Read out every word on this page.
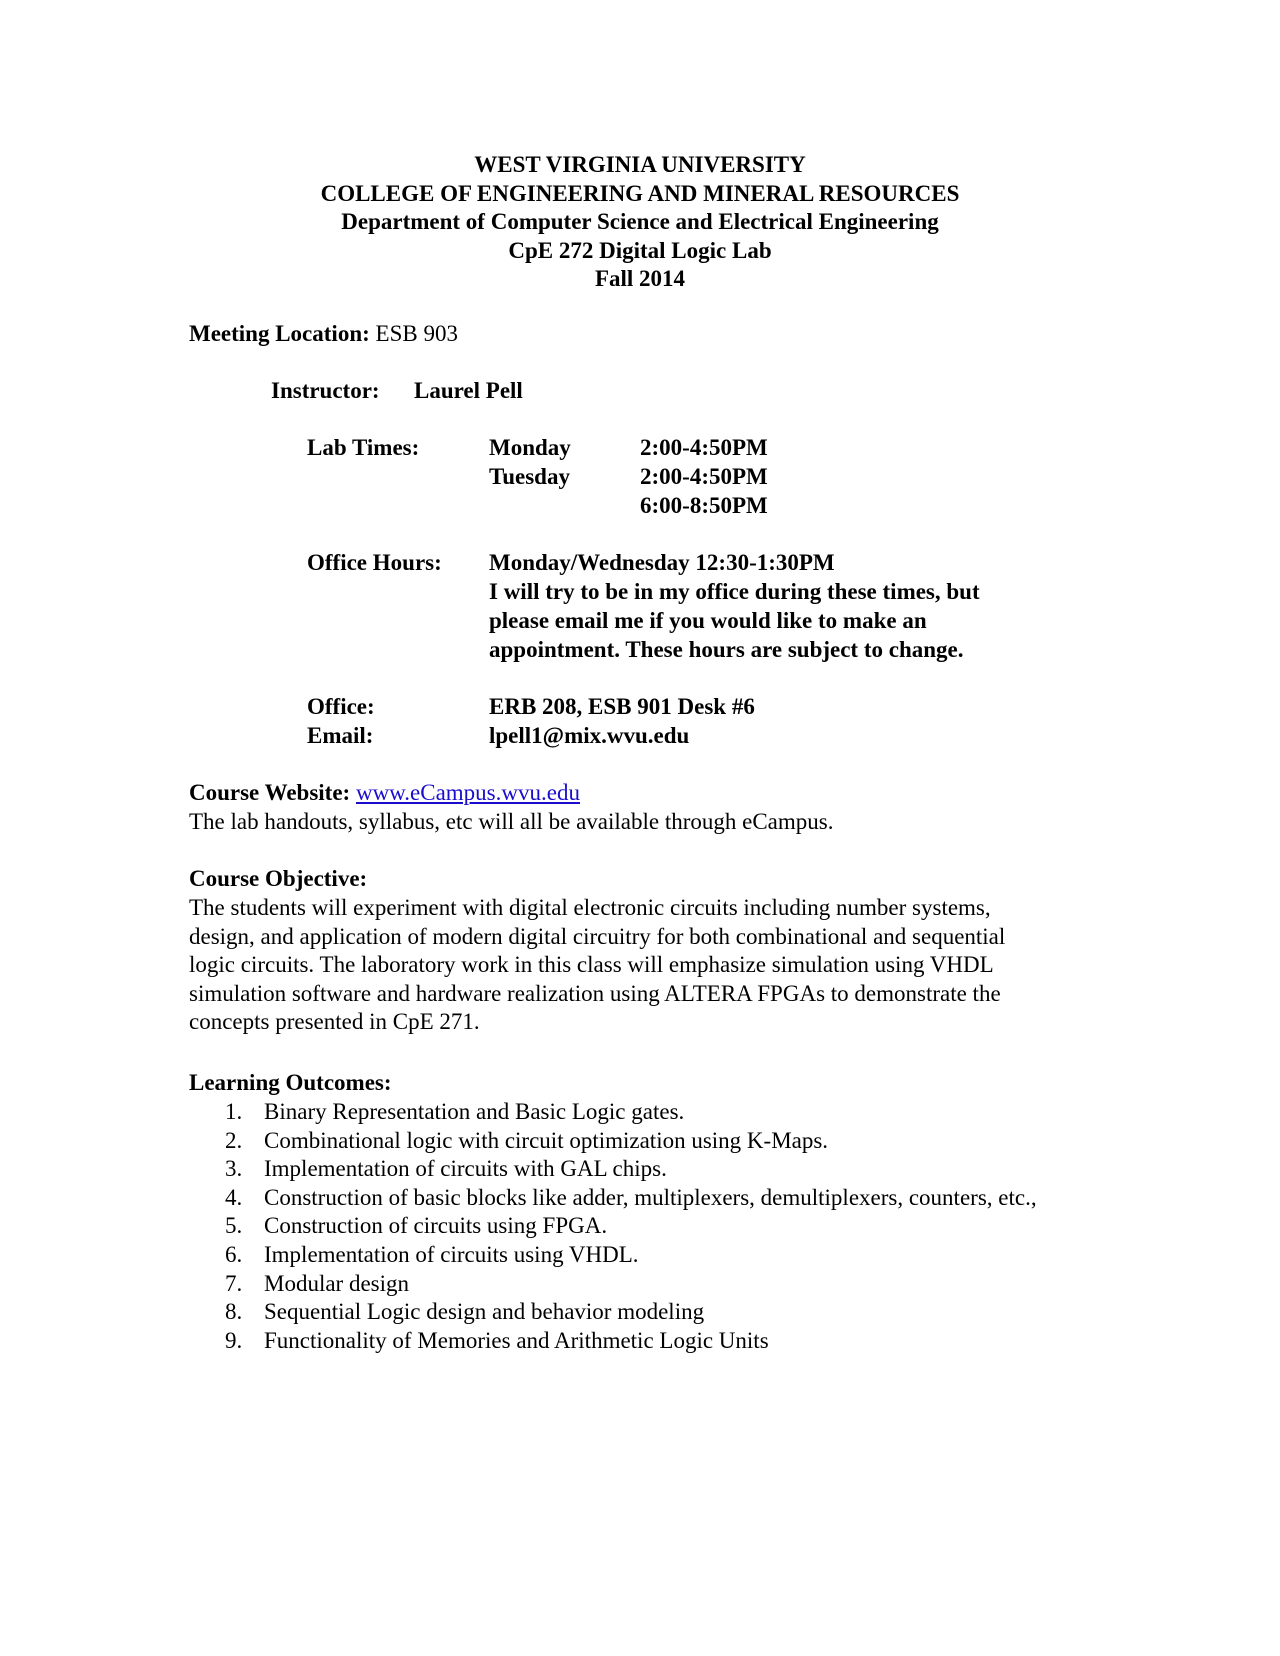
WEST VIRGINIA UNIVERSITY
COLLEGE OF ENGINEERING AND MINERAL RESOURCES
Department of Computer Science and Electrical Engineering
CpE 272 Digital Logic Lab
Fall 2014
Meeting Location: ESB 903
Instructor: Laurel Pell
Lab Times:	Monday	2:00-4:50PM
Tuesday	2:00-4:50PM
6:00-8:50PM
Office Hours: Monday/Wednesday 12:30-1:30PM
I will try to be in my office during these times, but
please email me if you would like to make an
appointment. These hours are subject to change.
Office:	ERB 208, ESB 901 Desk #6
Email:	lpell1@mix.wvu.edu
Course Website: www.eCampus.wvu.edu
The lab handouts, syllabus, etc will all be available through eCampus.
Course Objective:
The students will experiment with digital electronic circuits including number systems,
design, and application of modern digital circuitry for both combinational and sequential
logic circuits. The laboratory work in this class will emphasize simulation using VHDL
simulation software and hardware realization using ALTERA FPGAs to demonstrate the
concepts presented in CpE 271.
Learning Outcomes:
1. Binary Representation and Basic Logic gates.
2. Combinational logic with circuit optimization using K-Maps.
3. Implementation of circuits with GAL chips.
4. Construction of basic blocks like adder, multiplexers, demultiplexers, counters, etc.,
5. Construction of circuits using FPGA.
6. Implementation of circuits using VHDL.
7. Modular design
8. Sequential Logic design and behavior modeling
9. Functionality of Memories and Arithmetic Logic Units
